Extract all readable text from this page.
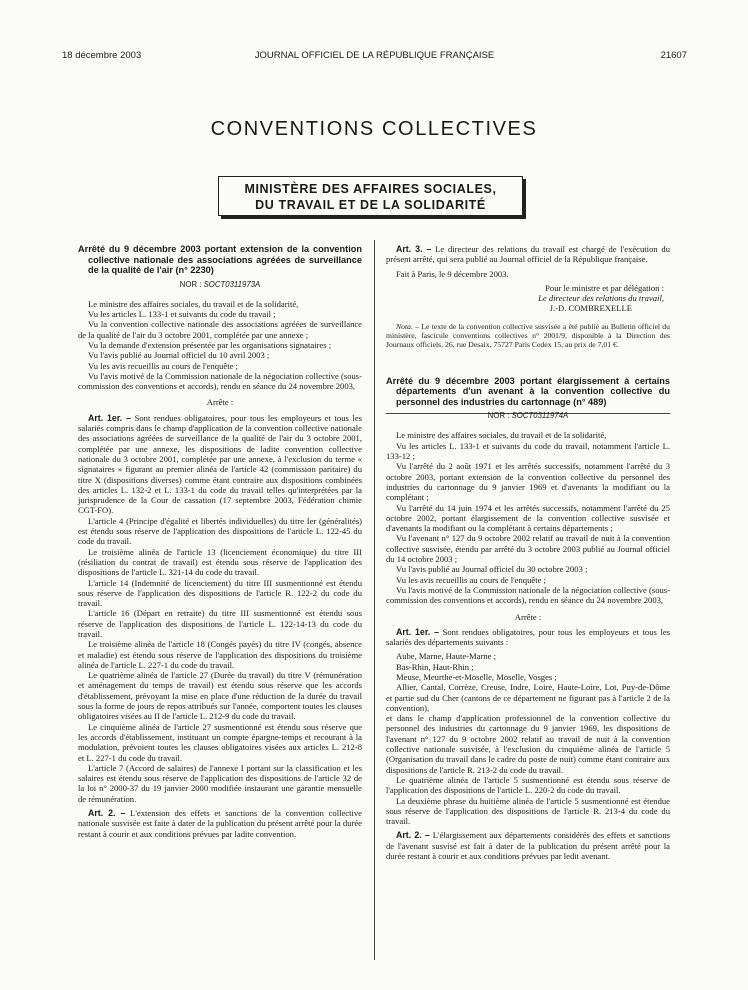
18 décembre 2003	JOURNAL OFFICIEL DE LA RÉPUBLIQUE FRANÇAISE	21607
CONVENTIONS COLLECTIVES
MINISTÈRE DES AFFAIRES SOCIALES,
DU TRAVAIL ET DE LA SOLIDARITÉ

Arrêté du 9 décembre 2003 portant extension de la convention collective nationale des associations agréées de surveillance de la qualité de l'air (n° 2230)

NOR : SOCT0311973A

Le ministre des affaires sociales, du travail et de la solidarité,

Vu les articles L. 133-1 et suivants du code du travail ;

Vu la convention collective nationale des associations agréées de surveillance de la qualité de l'air du 3 octobre 2001, complétée par une annexe ;

Vu la demande d'extension présentée par les organisations signataires ;

Vu l'avis publié au Journal officiel du 10 avril 2003 ;

Vu les avis recueillis au cours de l'enquête ;

Vu l'avis motivé de la Commission nationale de la négociation collective (sous-commission des conventions et accords), rendu en séance du 24 novembre 2003,

Arrête :

Art. 1er. – Sont rendues obligatoires, pour tous les employeurs et tous les salariés compris dans le champ d'application de la convention collective nationale des associations agréées de surveillance de la qualité de l'air du 3 octobre 2001, complétée par une annexe, les dispositions de ladite convention collective nationale du 3 octobre 2001, complétée par une annexe, à l'exclusion du terme « signataires » figurant au premier alinéa de l'article 42 (commission paritaire) du titre X (dispositions diverses) comme étant contraire aux dispositions combinées des articles L. 132-2 et L. 133-1 du code du travail telles qu'interprétées par la jurisprudence de la Cour de cassation (17 septembre 2003, Fédération chimie CGT-FO).

L'article 4 (Principe d'égalité et libertés individuelles) du titre Ier (généralités) est étendu sous réserve de l'application des dispositions de l'article L. 122-45 du code du travail.

Le troisième alinéa de l'article 13 (licenciement économique) du titre III (résiliation du contrat de travail) est étendu sous réserve de l'application des dispositions de l'article L. 321-14 du code du travail.

L'article 14 (Indemnité de licenciement) du titre III susmentionné est étendu sous réserve de l'application des dispositions de l'article R. 122-2 du code du travail.

L'article 16 (Départ en retraite) du titre III susmentionné est étendu sous réserve de l'application des dispositions de l'article L. 122-14-13 du code du travail.

Le troisième alinéa de l'article 18 (Congés payés) du titre IV (congés, absence et maladie) est étendu sous réserve de l'application des dispositions du troisième alinéa de l'article L. 227-1 du code du travail.

Le quatrième alinéa de l'article 27 (Durée du travail) du titre V (rémunération et aménagement du temps de travail) est étendu sous réserve que les accords d'établissement, prévoyant la mise en place d'une réduction de la durée du travail sous la forme de jours de repos attribués sur l'année, comportent toutes les clauses obligatoires visées au II de l'article L. 212-9 du code du travail.

Le cinquième alinéa de l'article 27 susmentionné est étendu sous réserve que les accords d'établissement, instituant un compte épargne-temps et recourant à la modulation, prévoient toutes les clauses obligatoires visées aux articles L. 212-8 et L. 227-1 du code du travail.

L'article 7 (Accord de salaires) de l'annexe I portant sur la classification et les salaires est étendu sous réserve de l'application des dispositions de l'article 32 de la loi n° 2000-37 du 19 janvier 2000 modifiée instaurant une garantie mensuelle de rémunération.

Art. 2. – L'extension des effets et sanctions de la convention collective nationale susvisée est faite à dater de la publication du présent arrêté pour la durée restant à courir et aux conditions prévues par ladite convention.

Art. 3. – Le directeur des relations du travail est chargé de l'exécution du présent arrêté, qui sera publié au Journal officiel de la République française.

Fait à Paris, le 9 décembre 2003.

Pour le ministre et par délégation :

Le directeur des relations du travail,

J.-D. COMBREXELLE

Nota. – Le texte de la convention collective susvisée a été publié au Bulletin officiel du ministère, fascicule conventions collectives n° 2001/9, disponible à la Direction des Journaux officiels, 26, rue Desaix, 75727 Paris Cedex 15, au prix de 7,01 €.

Arrêté du 9 décembre 2003 portant élargissement à certains départements d'un avenant à la convention collective du personnel des industries du cartonnage (n° 489)

NOR : SOCT0311974A

Le ministre des affaires sociales, du travail et de la solidarité,

Vu les articles L. 133-1 et suivants du code du travail, notamment l'article L. 133-12 ;

Vu l'arrêté du 2 août 1971 et les arrêtés successifs, notamment l'arrêté du 3 octobre 2003, portant extension de la convention collective du personnel des industries du cartonnage du 9 janvier 1969 et d'avenants la modifiant ou la complétant ;

Vu l'arrêté du 14 juin 1974 et les arrêtés successifs, notamment l'arrêté du 25 octobre 2002, portant élargissement de la convention collective susvisée et d'avenants la modifiant ou la complétant à certains départements ;

Vu l'avenant n° 127 du 9 octobre 2002 relatif au travail de nuit à la convention collective susvisée, étendu par arrêté du 3 octobre 2003 publié au Journal officiel du 14 octobre 2003 ;

Vu l'avis publié au Journal officiel du 30 octobre 2003 ;

Vu les avis recueillis au cours de l'enquête ;

Vu l'avis motivé de la Commission nationale de la négociation collective (sous-commission des conventions et accords), rendu en séance du 24 novembre 2003,

Arrête :

Art. 1er. – Sont rendues obligatoires, pour tous les employeurs et tous les salariés des départements suivants :

Aube, Marne, Haute-Marne ;

Bas-Rhin, Haut-Rhin ;

Meuse, Meurthe-et-Moselle, Moselle, Vosges ;

Allier, Cantal, Corrèze, Creuse, Indre, Loire, Haute-Loire, Lot, Puy-de-Dôme et partie sud du Cher (cantons de ce département ne figurant pas à l'article 2 de la convention),

et dans le champ d'application professionnel de la convention collective du personnel des industries du cartonnage du 9 janvier 1969, les dispositions de l'avenant n° 127 du 9 octobre 2002 relatif au travail de nuit à la convention collective nationale susvisée, à l'exclusion du cinquième alinéa de l'article 5 (Organisation du travail dans le cadre du poste de nuit) comme étant contraire aux dispositions de l'article R. 213-2 du code du travail.

Le quatrième alinéa de l'article 5 susmentionné est étendu sous réserve de l'application des dispositions de l'article L. 220-2 du code du travail.

La deuxième phrase du huitième alinéa de l'article 5 susmentionné est étendue sous réserve de l'application des dispositions de l'article R. 213-4 du code du travail.

Art. 2. – L'élargissement aux départements considérés des effets et sanctions de l'avenant susvisé est fait à dater de la publication du présent arrêté pour la durée restant à courir et aux conditions prévues par ledit avenant.
